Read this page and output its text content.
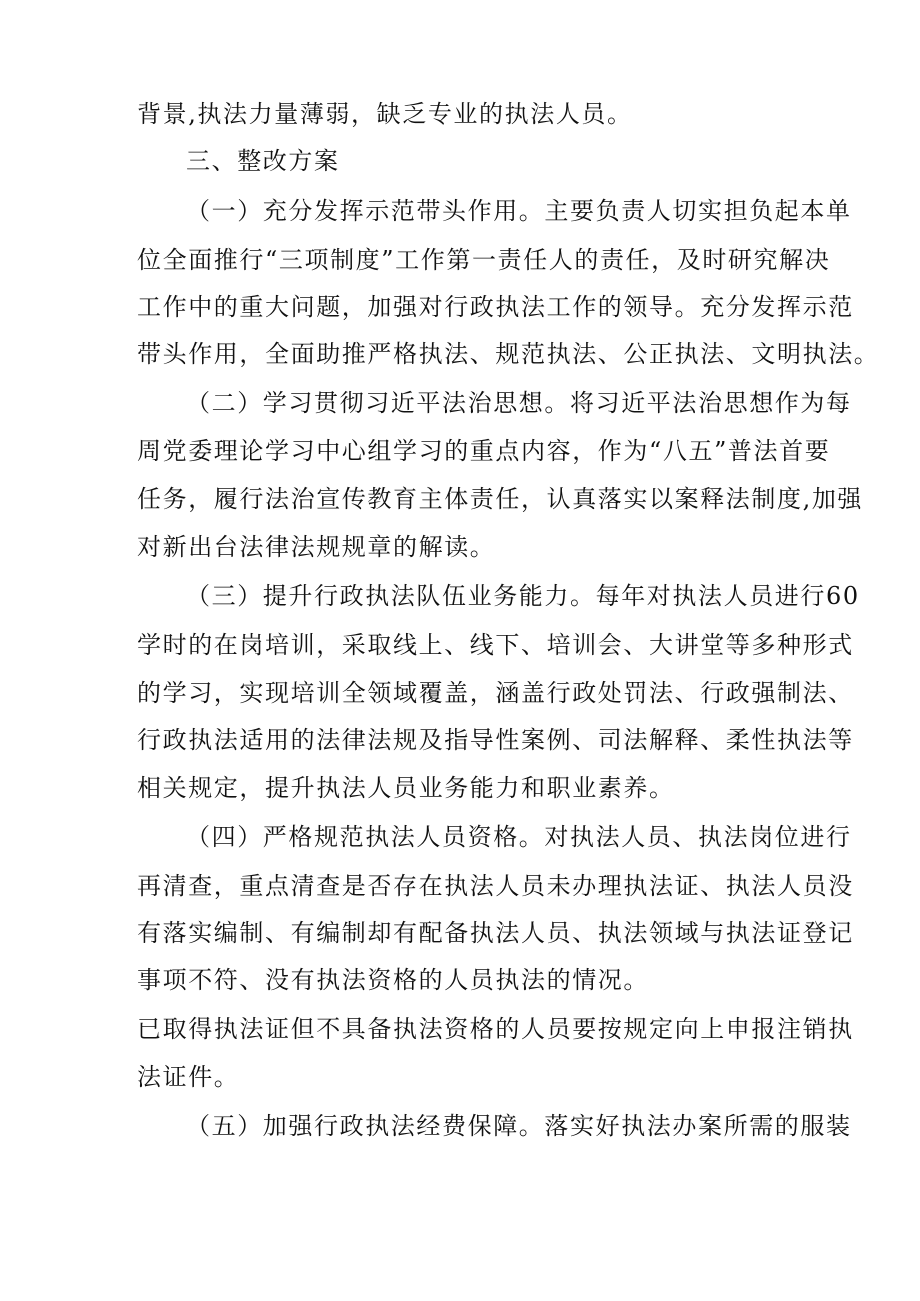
背景,执法力量薄弱，缺乏专业的执法人员。

三、整改方案

（一）充分发挥示范带头作用。主要负责人切实担负起本单

位全面推行“三项制度”工作第一责任人的责任，及时研究解决

工作中的重大问题，加强对行政执法工作的领导。充分发挥示范

带头作用，全面助推严格执法、规范执法、公正执法、文明执法。

（二）学习贯彻习近平法治思想。将习近平法治思想作为每

周党委理论学习中心组学习的重点内容，作为“八五”普法首要

任务，履行法治宣传教育主体责任，认真落实以案释法制度,加强

对新出台法律法规规章的解读。

（三）提升行政执法队伍业务能力。每年对执法人员进行60

学时的在岗培训，采取线上、线下、培训会、大讲堂等多种形式

的学习，实现培训全领域覆盖，涵盖行政处罚法、行政强制法、

行政执法适用的法律法规及指导性案例、司法解释、柔性执法等

相关规定，提升执法人员业务能力和职业素养。

（四）严格规范执法人员资格。对执法人员、执法岗位进行

再清查，重点清查是否存在执法人员未办理执法证、执法人员没

有落实编制、有编制却有配备执法人员、执法领域与执法证登记

事项不符、没有执法资格的人员执法的情况。

已取得执法证但不具备执法资格的人员要按规定向上申报注销执

法证件。

（五）加强行政执法经费保障。落实好执法办案所需的服装
